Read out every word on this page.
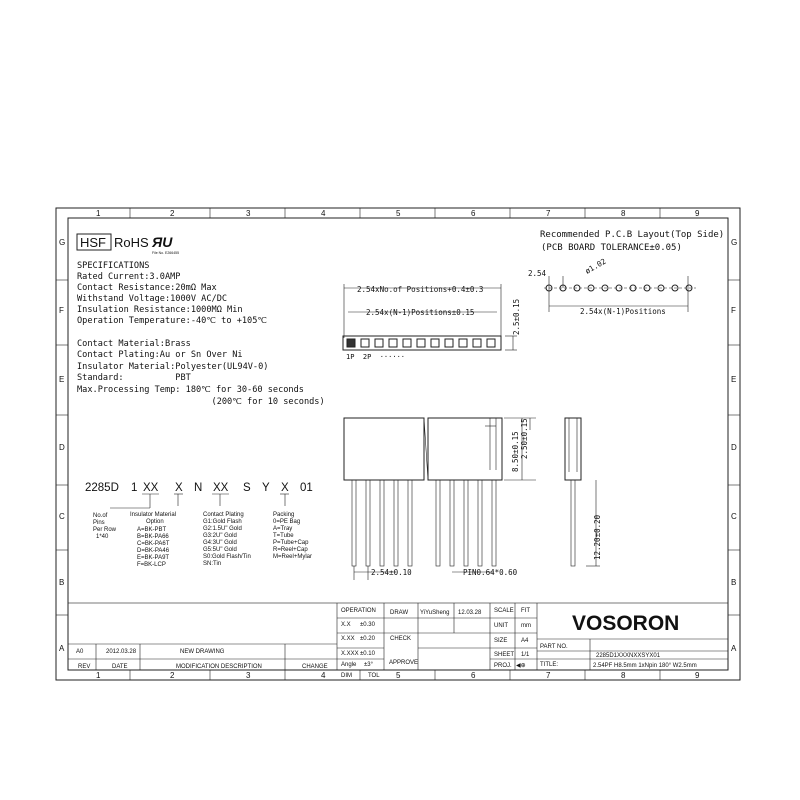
1	2	3	4	5	6	7	8	9
1	2	3	4	5	6	7	8	9
G
F
E
D
C
B
A
G
F
E
D
C
B
A
HSF RoHS ЯU
File No. E266455
SPECIFICATIONS
Rated Current:3.0AMP
Contact Resistance:20mΩ Max
Withstand Voltage:1000V AC/DC
Insulation Resistance:1000MΩ Min
Operation Temperature:-40℃ to +105℃
Contact Material:Brass
Contact Plating:Au or Sn Over Ni
Insulator Material:Polyester(UL94V-0)
Standard:          PBT
Max.Processing Temp: 180℃ for 30-60 seconds
(200℃ for 10 seconds)
2285D 1 XX X N XX S Y X 01
No.of
Pins
Per Row
1*40
Insulator Material
Option
A=BK-PBT
B=BK-PA66
C=BK-PA6T
D=BK-PA46
E=BK-PA9T
F=BK-LCP
Contact Plating
G1:Gold Flash
G2:1.5U" Gold
G3:2U" Gold
G4:3U" Gold
G5:5U" Gold
S0:Gold Flash/Tin
SN:Tin
Packing
0=PE Bag
A=Tray
T=Tube
P=Tube+Cap
R=Reel+Cap
M=Reel+Mylar
2.54xNo.of Positions+0.4±0.3
2.54x(N-1)Positions±0.15	2.5±0.15
1P  2P  ······
Recommended P.C.B Layout(Top Side)
(PCB BOARD TOLERANCE±0.05)
2.54	ø1.02
2.54x(N-1)Positions
2.54±0.10	PIN0.64*0.60
8.50±0.15 2.50±0.15
12.20±0.20
OPERATION
X.X ±0.30
X.XX ±0.20
X.XXX ±0.10
Angle ±3°
DIM	TOL
DRAW YiYuSheng 12.03.28
CHECK
APPROVE
SCALE FIT
UNIT mm
SIZE A4
SHEET 1/1
PROJ. ◀⊕
PART NO.
2285D1XXXNXXSYX01
TITLE:	2.54PF H8.5mm 1xNpin 180° W2.5mm
A0	2012.03.28	NEW DRAWING
REV	DATE	MODIFICATION DESCRIPTION	CHANGE
VOSORON
